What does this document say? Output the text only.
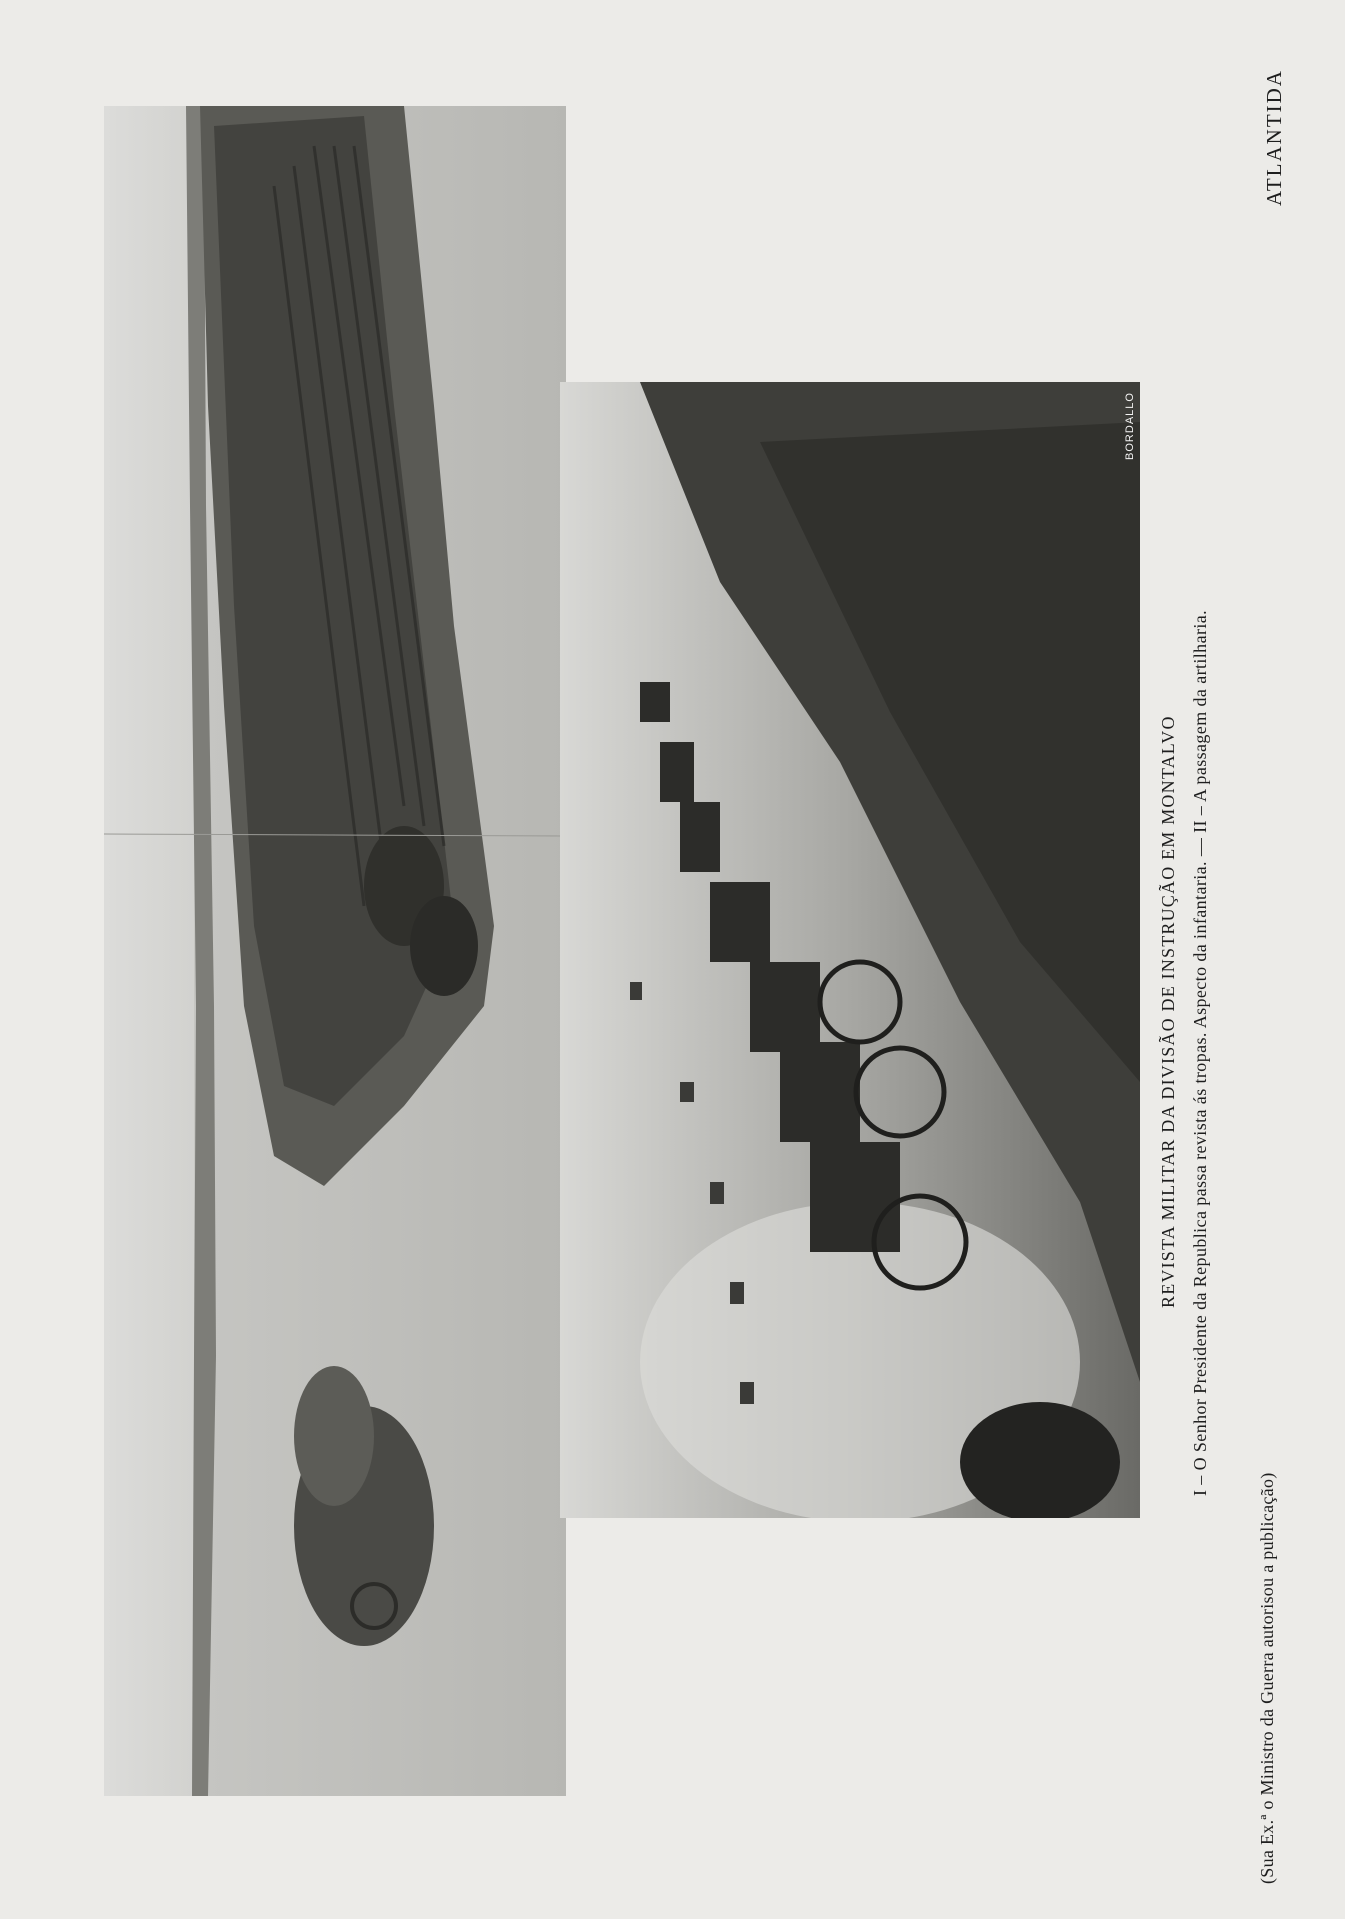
BORDALLO
ATLANTIDA
REVISTA MILITAR DA DIVISÃO DE INSTRUÇÃO EM MONTALVO I – O Senhor Presidente da Republica passa revista ás tropas. Aspecto da infantaria. — II – A passagem da artilharia.
(Sua Ex.ª o Ministro da Guerra autorisou a publicação)
